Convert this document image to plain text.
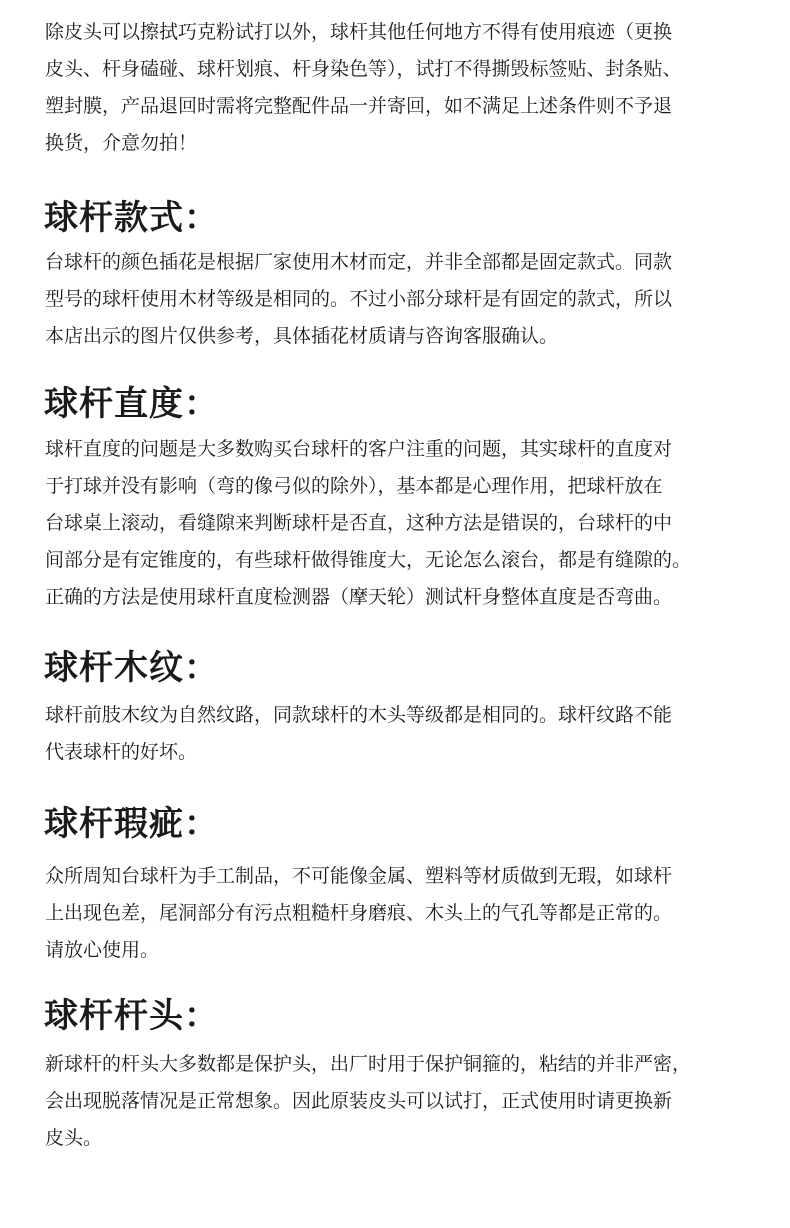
除皮头可以擦拭巧克粉试打以外，球杆其他任何地方不得有使用痕迹（更换
皮头、杆身磕碰、球杆划痕、杆身染色等），试打不得撕毁标签贴、封条贴、
塑封膜，产品退回时需将完整配件品一并寄回，如不满足上述条件则不予退
换货，介意勿拍！
球杆款式：
台球杆的颜色插花是根据厂家使用木材而定，并非全部都是固定款式。同款
型号的球杆使用木材等级是相同的。不过小部分球杆是有固定的款式，所以
本店出示的图片仅供参考，具体插花材质请与咨询客服确认。
球杆直度：
球杆直度的问题是大多数购买台球杆的客户注重的问题，其实球杆的直度对
于打球并没有影响（弯的像弓似的除外），基本都是心理作用，把球杆放在
台球桌上滚动，看缝隙来判断球杆是否直，这种方法是错误的，台球杆的中
间部分是有定锥度的，有些球杆做得锥度大，无论怎么滚台，都是有缝隙的。
正确的方法是使用球杆直度检测器（摩天轮）测试杆身整体直度是否弯曲。
球杆木纹：
球杆前肢木纹为自然纹路，同款球杆的木头等级都是相同的。球杆纹路不能
代表球杆的好坏。
球杆瑕疵：
众所周知台球杆为手工制品，不可能像金属、塑料等材质做到无瑕，如球杆
上出现色差，尾洞部分有污点粗糙杆身磨痕、木头上的气孔等都是正常的。
请放心使用。
球杆杆头：
新球杆的杆头大多数都是保护头，出厂时用于保护铜箍的，粘结的并非严密，
会出现脱落情况是正常想象。因此原装皮头可以试打，正式使用时请更换新
皮头。
